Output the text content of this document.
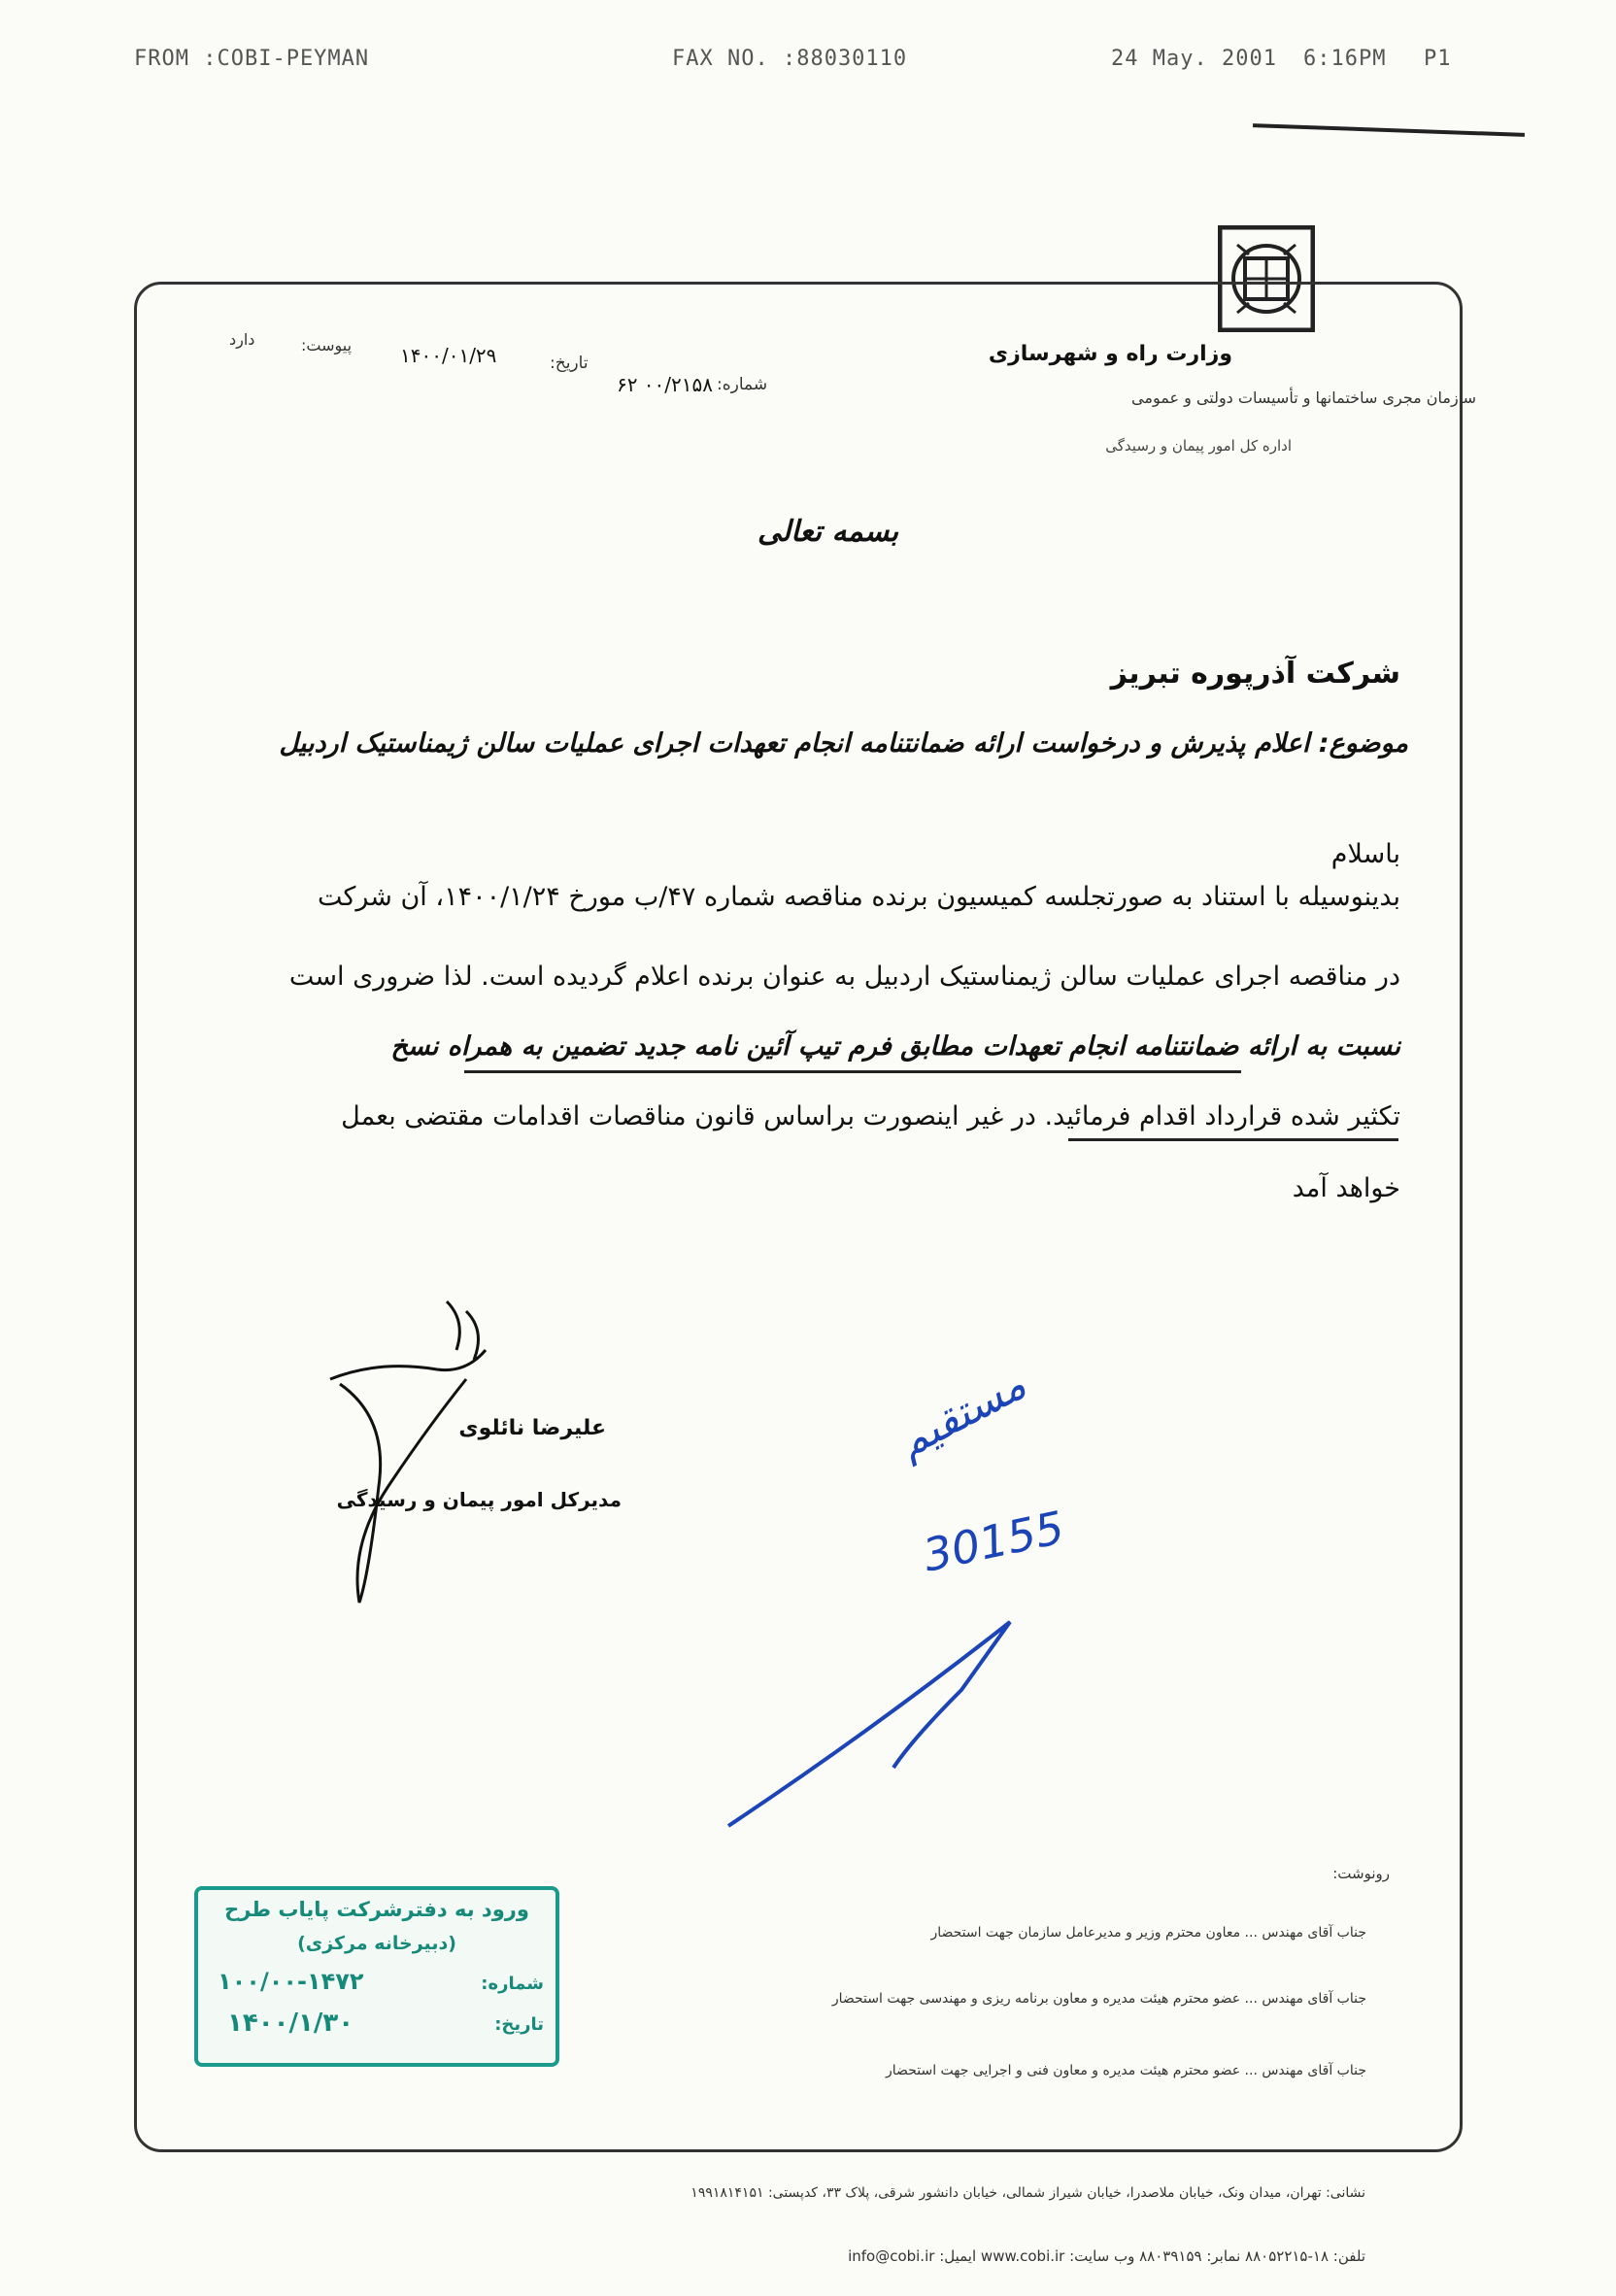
FROM :COBI-PEYMAN	FAX NO. :88030110	24 May. 2001 6:16PM P1
وزارت راه و شهرسازی
سازمان مجری ساختمانها و تأسیسات دولتی و عمومی
اداره کل امور پیمان و رسیدگی
شماره:
۶۲ ۰۰/۲۱۵۸
تاریخ:
۱۴۰۰/۰۱/۲۹
پیوست:
دارد
بسمه تعالی
شرکت آذرپوره تبریز
موضوع: اعلام پذیرش و درخواست ارائه ضمانتنامه انجام تعهدات اجرای عملیات سالن ژیمناستیک اردبیل
باسلام
بدینوسیله با استناد به صورتجلسه کمیسیون برنده مناقصه شماره ۴۷/ب مورخ ۱۴۰۰/۱/۲۴، آن شرکت
در مناقصه اجرای عملیات سالن ژیمناستیک اردبیل به عنوان برنده اعلام گردیده است. لذا ضروری است
نسبت به ارائه ضمانتنامه انجام تعهدات مطابق فرم تیپ آئین نامه جدید تضمین به همراه نسخ
تکثیر شده قرارداد اقدام فرمائید. در غیر اینصورت براساس قانون مناقصات اقدامات مقتضی بعمل
خواهد آمد
علیرضا نائلوی
مدیرکل امور پیمان و رسیدگی
مستقیم
30155
رونوشت:
جناب آقای مهندس ... معاون محترم وزیر و مدیرعامل سازمان جهت استحضار
جناب آقای مهندس ... عضو محترم هیئت مدیره و معاون برنامه ریزی و مهندسی جهت استحضار
جناب آقای مهندس ... عضو محترم هیئت مدیره و معاون فنی و اجرایی جهت استحضار
ورود به دفترشرکت پایاب طرح
(دبیرخانه مرکزی)
شماره:
۱۰۰/۰۰-۱۴۷۲
تاریخ:
۱۴۰۰/۱/۳۰
نشانی: تهران، میدان ونک، خیابان ملاصدرا، خیابان شیراز شمالی، خیابان دانشور شرقی، پلاک ۳۳، کدپستی: ۱۹۹۱۸۱۴۱۵۱
تلفن: ۱۸-۸۸۰۵۲۲۱۵ نمابر: ۸۸۰۳۹۱۵۹ وب سایت: www.cobi.ir ایمیل: info@cobi.ir
